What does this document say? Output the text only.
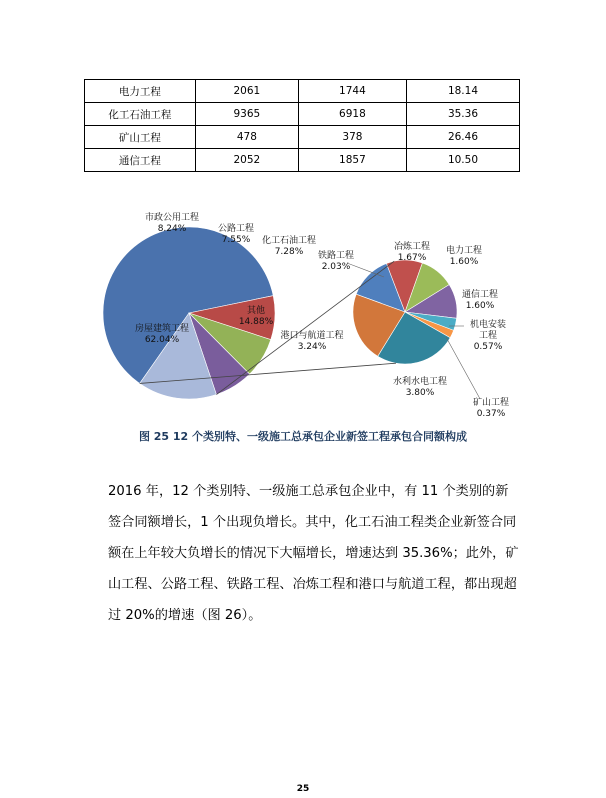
电力工程	2061	1744	18.14
化工石油工程	9365	6918	35.36
矿山工程	478	378	26.46
通信工程	2052	1857	10.50
房屋建筑工程 62.04%
市政公用工程 8.24%	公路工程 7.55%	化工石油工程 7.28%
其他 14.88%
铁路工程 2.03%
冶炼工程 1.67%
电力工程 1.60%
通信工程 1.60%
机电安装工程 0.57%
矿山工程 0.37%
水利水电工程 3.80%
港口与航道工程 3.24%
图 25 12 个类别特、一级施工总承包企业新签工程承包合同额构成

2016 年，12 个类别特、一级施工总承包企业中，有 11 个类别的新签合同额增长，1 个出现负增长。其中，化工石油工程类企业新签合同额在上年较大负增长的情况下大幅增长，增速达到 35.36%；此外，矿山工程、公路工程、铁路工程、冶炼工程和港口与航道工程，都出现超过 20%的增速（图 26）。

25
